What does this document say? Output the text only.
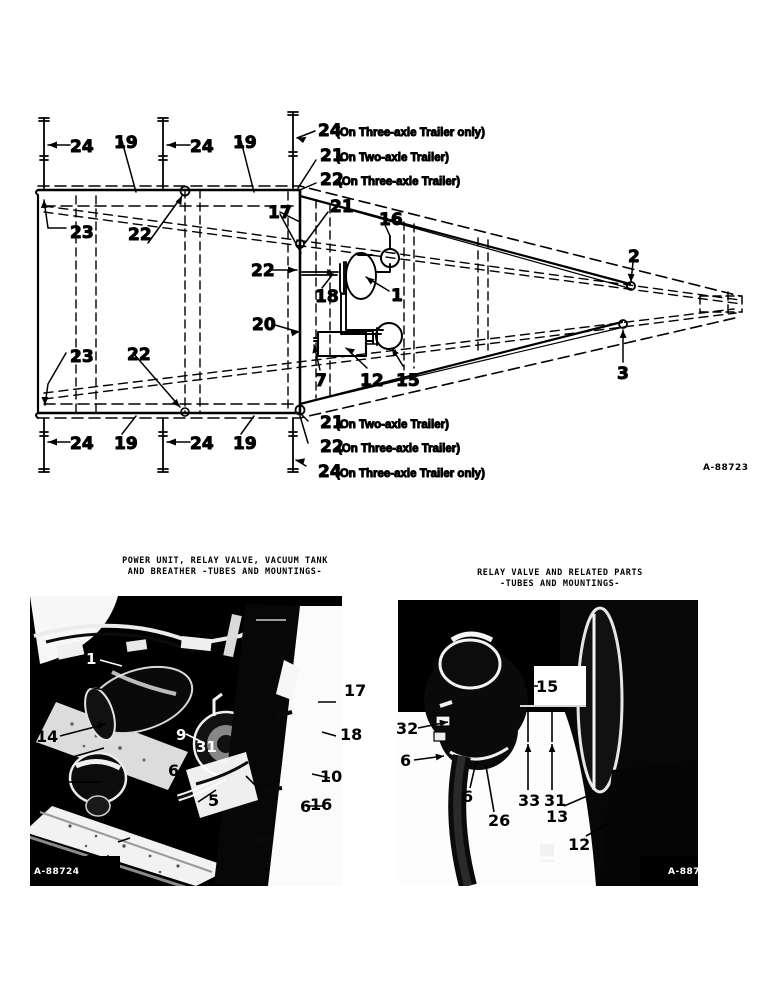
24 19	24 19
24
(On Three-axle Trailer only)
21
(On Two-axle Trailer)
22
(On Three-axle Trailer)
17 21
22
16
18	1
20
7 12 15
2
3
23 22
23 22
24 19	24 19
21
(On Two-axle Trailer)
22
(On Three-axle Trailer)
24
(On Three-axle Trailer only)	A-88723
POWER UNIT, RELAY VALVE, VACUUM TANK
AND BREATHER -TUBES AND MOUNTINGS-	RELAY VALVE AND RELATED PARTS
-TUBES AND MOUNTINGS-
1
9
12
14
13
15
31
6
5
32 6
6
6
17
18
10
16
15
32
6
33 31
13
12
6
26
A-88724	A-88725
